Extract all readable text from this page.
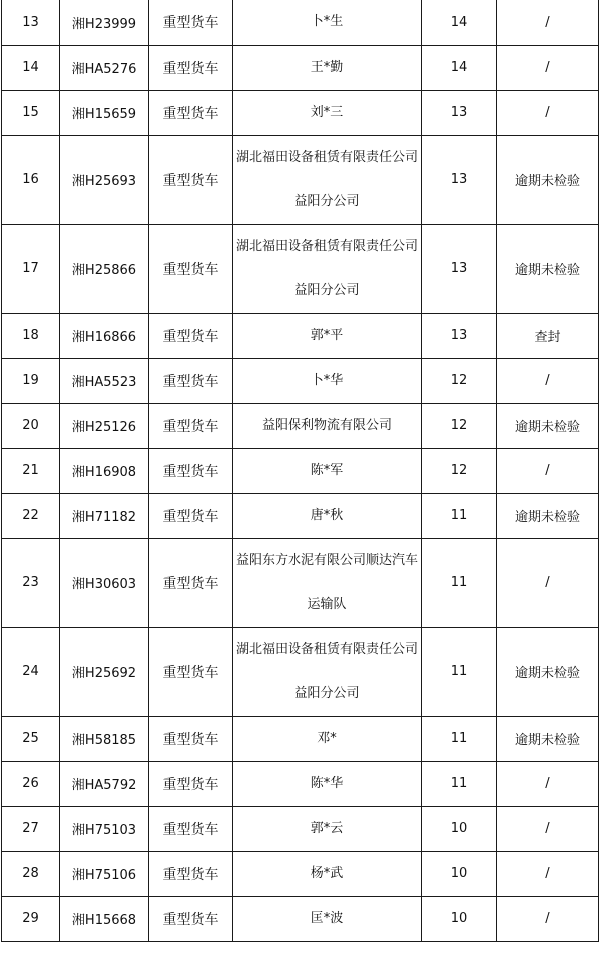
13	湘H23999	重型货车	卜*生	14	/
14	湘HA5276	重型货车	王*勤	14	/
15	湘H15659	重型货车	刘*三	13	/
16	湘H25693	重型货车	湖北福田设备租赁有限责任公司益阳分公司	13	逾期未检验
17	湘H25866	重型货车	湖北福田设备租赁有限责任公司益阳分公司	13	逾期未检验
18	湘H16866	重型货车	郭*平	13	查封
19	湘HA5523	重型货车	卜*华	12	/
20	湘H25126	重型货车	益阳保利物流有限公司	12	逾期未检验
21	湘H16908	重型货车	陈*军	12	/
22	湘H71182	重型货车	唐*秋	11	逾期未检验
23	湘H30603	重型货车	益阳东方水泥有限公司顺达汽车运输队	11	/
24	湘H25692	重型货车	湖北福田设备租赁有限责任公司益阳分公司	11	逾期未检验
25	湘H58185	重型货车	邓*	11	逾期未检验
26	湘HA5792	重型货车	陈*华	11	/
27	湘H75103	重型货车	郭*云	10	/
28	湘H75106	重型货车	杨*武	10	/
29	湘H15668	重型货车	匡*波	10	/
